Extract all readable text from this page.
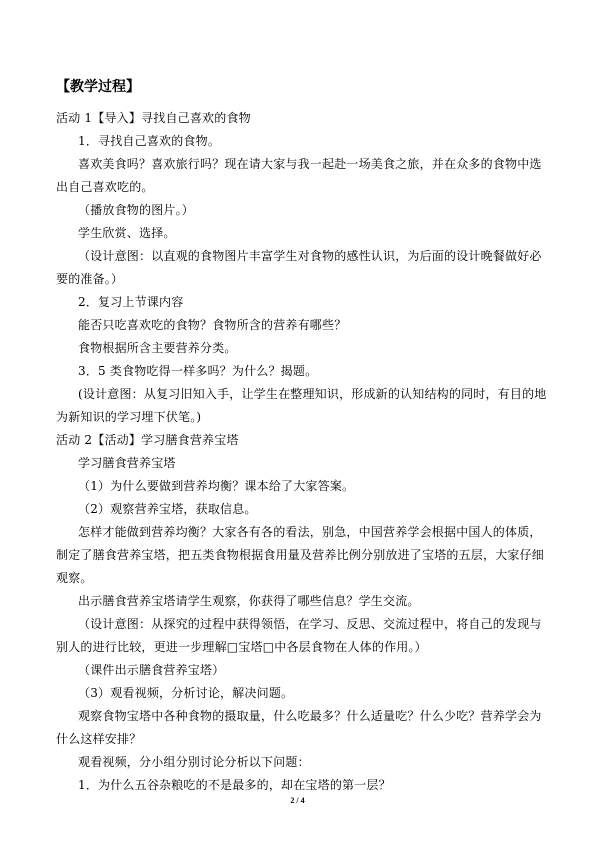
【教学过程】
活动 1【导入】寻找自己喜欢的食物
1．寻找自己喜欢的食物。
喜欢美食吗？喜欢旅行吗？现在请大家与我一起赴一场美食之旅，并在众多的食物中选
出自己喜欢吃的。
（播放食物的图片。）
学生欣赏、选择。
（设计意图：以直观的食物图片丰富学生对食物的感性认识，为后面的设计晚餐做好必
要的准备。）
2．复习上节课内容
能否只吃喜欢吃的食物？食物所含的营养有哪些？
食物根据所含主要营养分类。
3．5 类食物吃得一样多吗？为什么？揭题。
(设计意图：从复习旧知入手，让学生在整理知识，形成新的认知结构的同时，有目的地
为新知识的学习埋下伏笔。)
活动 2【活动】学习膳食营养宝塔
学习膳食营养宝塔
（1）为什么要做到营养均衡？课本给了大家答案。
（2）观察营养宝塔，获取信息。
怎样才能做到营养均衡？大家各有各的看法，别急，中国营养学会根据中国人的体质，
制定了膳食营养宝塔，把五类食物根据食用量及营养比例分别放进了宝塔的五层，大家仔细
观察。
出示膳食营养宝塔请学生观察，你获得了哪些信息？学生交流。
（设计意图：从探究的过程中获得领悟，在学习、反思、交流过程中，将自己的发现与
别人的进行比较，更进一步理解□宝塔□中各层食物在人体的作用。）
（课件出示膳食营养宝塔）
（3）观看视频，分析讨论，解决问题。
观察食物宝塔中各种食物的摄取量，什么吃最多？什么适量吃？什么少吃？营养学会为
什么这样安排？
观看视频，分小组分别讨论分析以下问题：
1．为什么五谷杂粮吃的不是最多的，却在宝塔的第一层？
2 / 4
